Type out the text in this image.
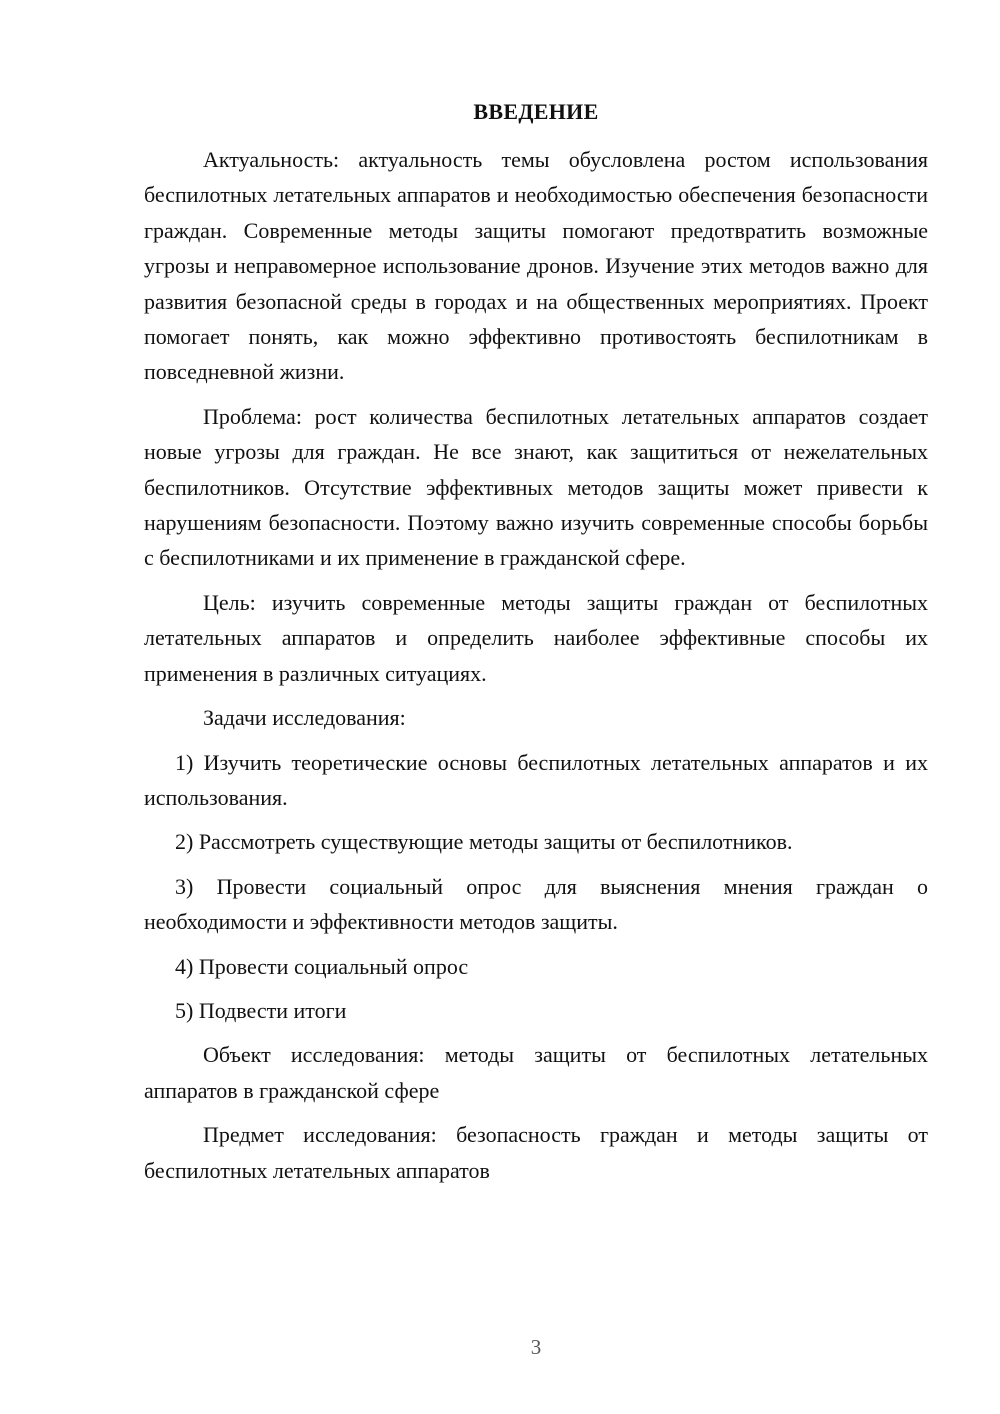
ВВЕДЕНИЕ

Актуальность: актуальность темы обусловлена ростом использования беспилотных летательных аппаратов и необходимостью обеспечения безопасности граждан. Современные методы защиты помогают предотвратить возможные угрозы и неправомерное использование дронов. Изучение этих методов важно для развития безопасной среды в городах и на общественных мероприятиях. Проект помогает понять, как можно эффективно противостоять беспилотникам в повседневной жизни.

Проблема: рост количества беспилотных летательных аппаратов создает новые угрозы для граждан. Не все знают, как защититься от нежелательных беспилотников. Отсутствие эффективных методов защиты может привести к нарушениям безопасности. Поэтому важно изучить современные способы борьбы с беспилотниками и их применение в гражданской сфере.

Цель: изучить современные методы защиты граждан от беспилотных летательных аппаратов и определить наиболее эффективные способы их применения в различных ситуациях.

Задачи исследования:

1) Изучить теоретические основы беспилотных летательных аппаратов и их использования.

2) Рассмотреть существующие методы защиты от беспилотников.

3) Провести социальный опрос для выяснения мнения граждан о необходимости и эффективности методов защиты.

4) Провести социальный опрос

5) Подвести итоги

Объект исследования: методы защиты от беспилотных летательных аппаратов в гражданской сфере

Предмет исследования: безопасность граждан и методы защиты от беспилотных летательных аппаратов

3
